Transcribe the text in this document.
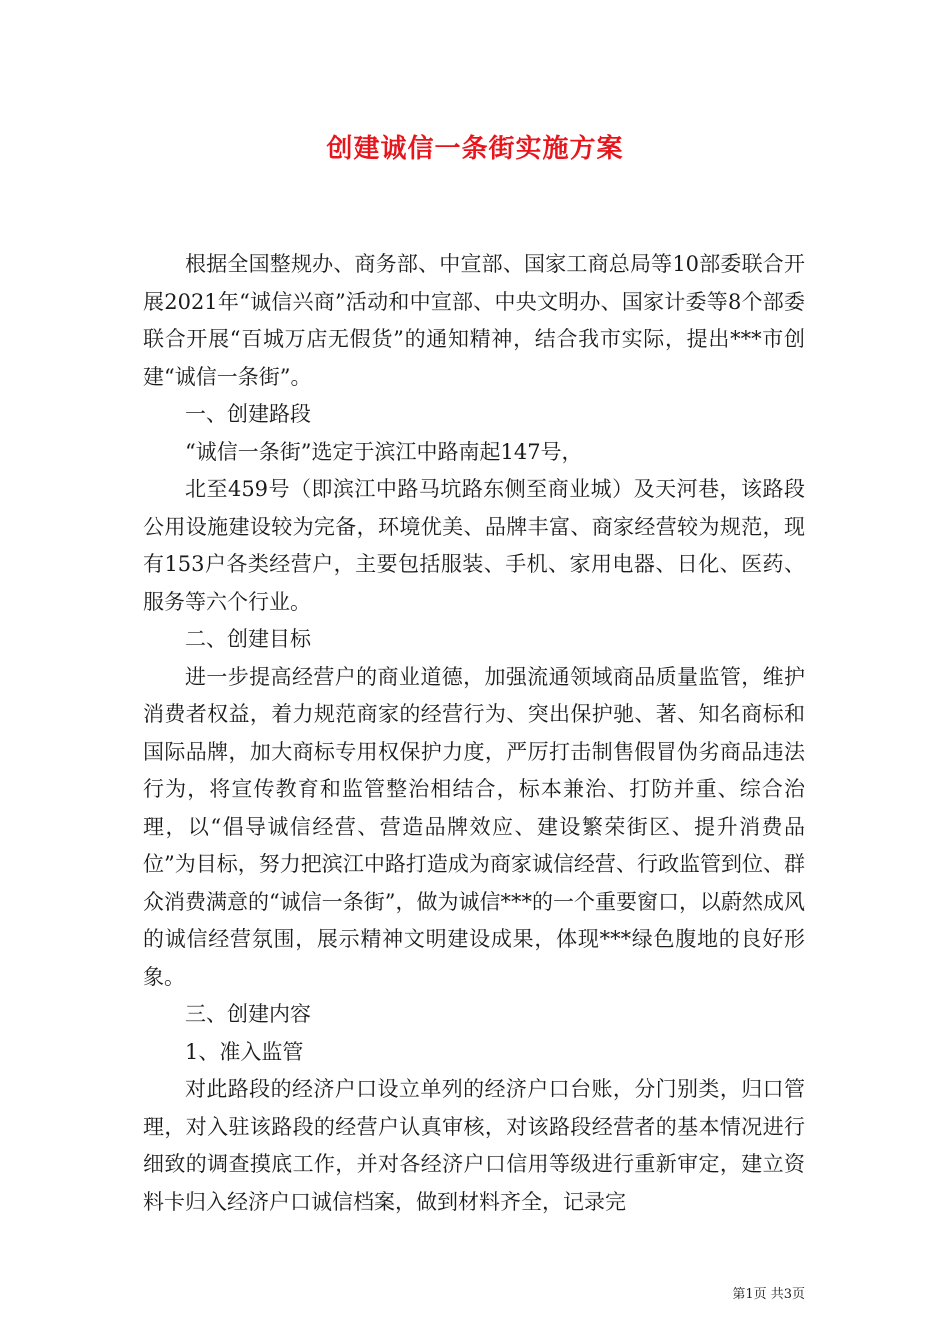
创建诚信一条街实施方案

根据全国整规办、商务部、中宣部、国家工商总局等10部委联合开展2021年“诚信兴商”活动和中宣部、中央文明办、国家计委等8个部委联合开展“百城万店无假货”的通知精神，结合我市实际，提出***市创建“诚信一条街”。

一、创建路段

“诚信一条街”选定于滨江中路南起147号，

北至459号（即滨江中路马坑路东侧至商业城）及天河巷，该路段公用设施建设较为完备，环境优美、品牌丰富、商家经营较为规范，现有153户各类经营户，主要包括服装、手机、家用电器、日化、医药、服务等六个行业。

二、创建目标

进一步提高经营户的商业道德，加强流通领域商品质量监管，维护消费者权益，着力规范商家的经营行为、突出保护驰、著、知名商标和国际品牌，加大商标专用权保护力度，严厉打击制售假冒伪劣商品违法行为，将宣传教育和监管整治相结合，标本兼治、打防并重、综合治理，以“倡导诚信经营、营造品牌效应、建设繁荣街区、提升消费品位”为目标，努力把滨江中路打造成为商家诚信经营、行政监管到位、群众消费满意的“诚信一条街”，做为诚信***的一个重要窗口，以蔚然成风的诚信经营氛围，展示精神文明建设成果，体现***绿色腹地的良好形象。

三、创建内容

1、准入监管

对此路段的经济户口设立单列的经济户口台账，分门别类，归口管理，对入驻该路段的经营户认真审核，对该路段经营者的基本情况进行细致的调查摸底工作，并对各经济户口信用等级进行重新审定，建立资料卡归入经济户口诚信档案，做到材料齐全，记录完

第1页 共3页
